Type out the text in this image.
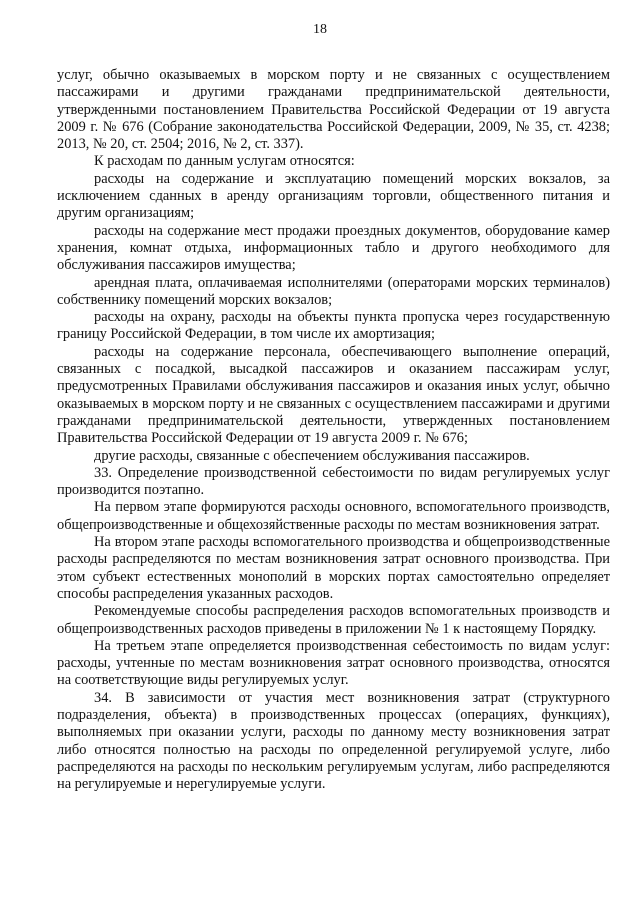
18

услуг, обычно оказываемых в морском порту и не связанных с осуществлением пассажирами и другими гражданами предпринимательской деятельности, утвержденными постановлением Правительства Российской Федерации от 19 августа 2009 г. № 676 (Собрание законодательства Российской Федерации, 2009, № 35, ст. 4238; 2013, № 20, ст. 2504; 2016, № 2, ст. 337).

К расходам по данным услугам относятся:

расходы на содержание и эксплуатацию помещений морских вокзалов, за исключением сданных в аренду организациям торговли, общественного питания и другим организациям;

расходы на содержание мест продажи проездных документов, оборудование камер хранения, комнат отдыха, информационных табло и другого необходимого для обслуживания пассажиров имущества;

арендная плата, оплачиваемая исполнителями (операторами морских терминалов) собственнику помещений морских вокзалов;

расходы на охрану, расходы на объекты пункта пропуска через государственную границу Российской Федерации, в том числе их амортизация;

расходы на содержание персонала, обеспечивающего выполнение операций, связанных с посадкой, высадкой пассажиров и оказанием пассажирам услуг, предусмотренных Правилами обслуживания пассажиров и оказания иных услуг, обычно оказываемых в морском порту и не связанных с осуществлением пассажирами и другими гражданами предпринимательской деятельности, утвержденных постановлением Правительства Российской Федерации от 19 августа 2009 г. № 676;

другие расходы, связанные с обеспечением обслуживания пассажиров.

33. Определение производственной себестоимости по видам регулируемых услуг производится поэтапно.

На первом этапе формируются расходы основного, вспомогательного производств, общепроизводственные и общехозяйственные расходы по местам возникновения затрат.

На втором этапе расходы вспомогательного производства и общепроизводственные расходы распределяются по местам возникновения затрат основного производства. При этом субъект естественных монополий в морских портах самостоятельно определяет способы распределения указанных расходов.

Рекомендуемые способы распределения расходов вспомогательных производств и общепроизводственных расходов приведены в приложении № 1 к настоящему Порядку.

На третьем этапе определяется производственная себестоимость по видам услуг: расходы, учтенные по местам возникновения затрат основного производства, относятся на соответствующие виды регулируемых услуг.

34. В зависимости от участия мест возникновения затрат (структурного подразделения, объекта) в производственных процессах (операциях, функциях), выполняемых при оказании услуги, расходы по данному месту возникновения затрат либо относятся полностью на расходы по определенной регулируемой услуге, либо распределяются на расходы по нескольким регулируемым услугам, либо распределяются на регулируемые и нерегулируемые услуги.
